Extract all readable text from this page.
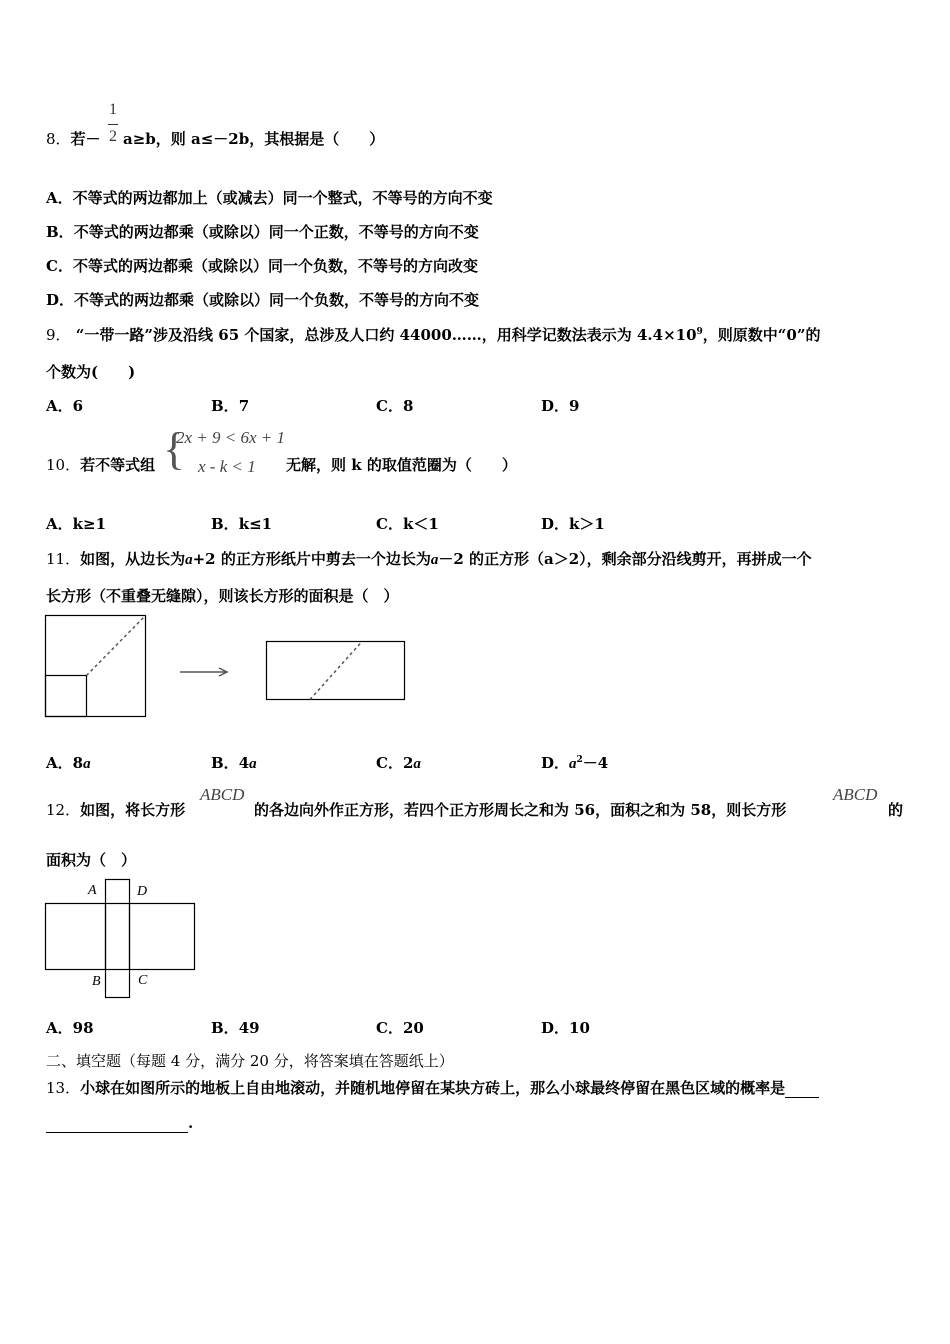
8．若－
1
2 a≥b，则 a≤－2b，其根据是（　　）
A．不等式的两边都加上（或减去）同一个整式，不等号的方向不变
B．不等式的两边都乘（或除以）同一个正数，不等号的方向不变
C．不等式的两边都乘（或除以）同一个负数，不等号的方向改变
D．不等式的两边都乘（或除以）同一个负数，不等号的方向不变
9． “一带一路”涉及沿线 65 个国家，总涉及人口约 44000……，用科学记数法表示为 $4.4\times 10^9$，则原数中“0”的
个数为(　　)
A．6	B．7	C．8	D．9
10．若不等式组 {
2x + 9 < 6x + 1
x - k < 1 无解，则 k 的取值范圈为（　　）
A．k≥1	B．k≤1	C．k＜1	D．k＞1
11．如图，从边长为a+2 的正方形纸片中剪去一个边长为a－2 的正方形（a＞2），剩余部分沿线剪开，再拼成一个
长方形（不重叠无缝隙），则该长方形的面积是（　）
A．8a	B．4a	C．2a	D．$a^2-4$
12．如图，将长方形
ABCD
的各边向外作正方形，若四个正方形周长之和为 56，面积之和为 58，则长方形
ABCD
的
面积为（　）
A	D
B	C
A．98	B．49	C．20	D．10
二、填空题（每题 4 分，满分 20 分，将答案填在答题纸上）
13．小球在如图所示的地板上自由地滚动，并随机地停留在某块方砖上，那么小球最终停留在黑色区域的概率是
.
